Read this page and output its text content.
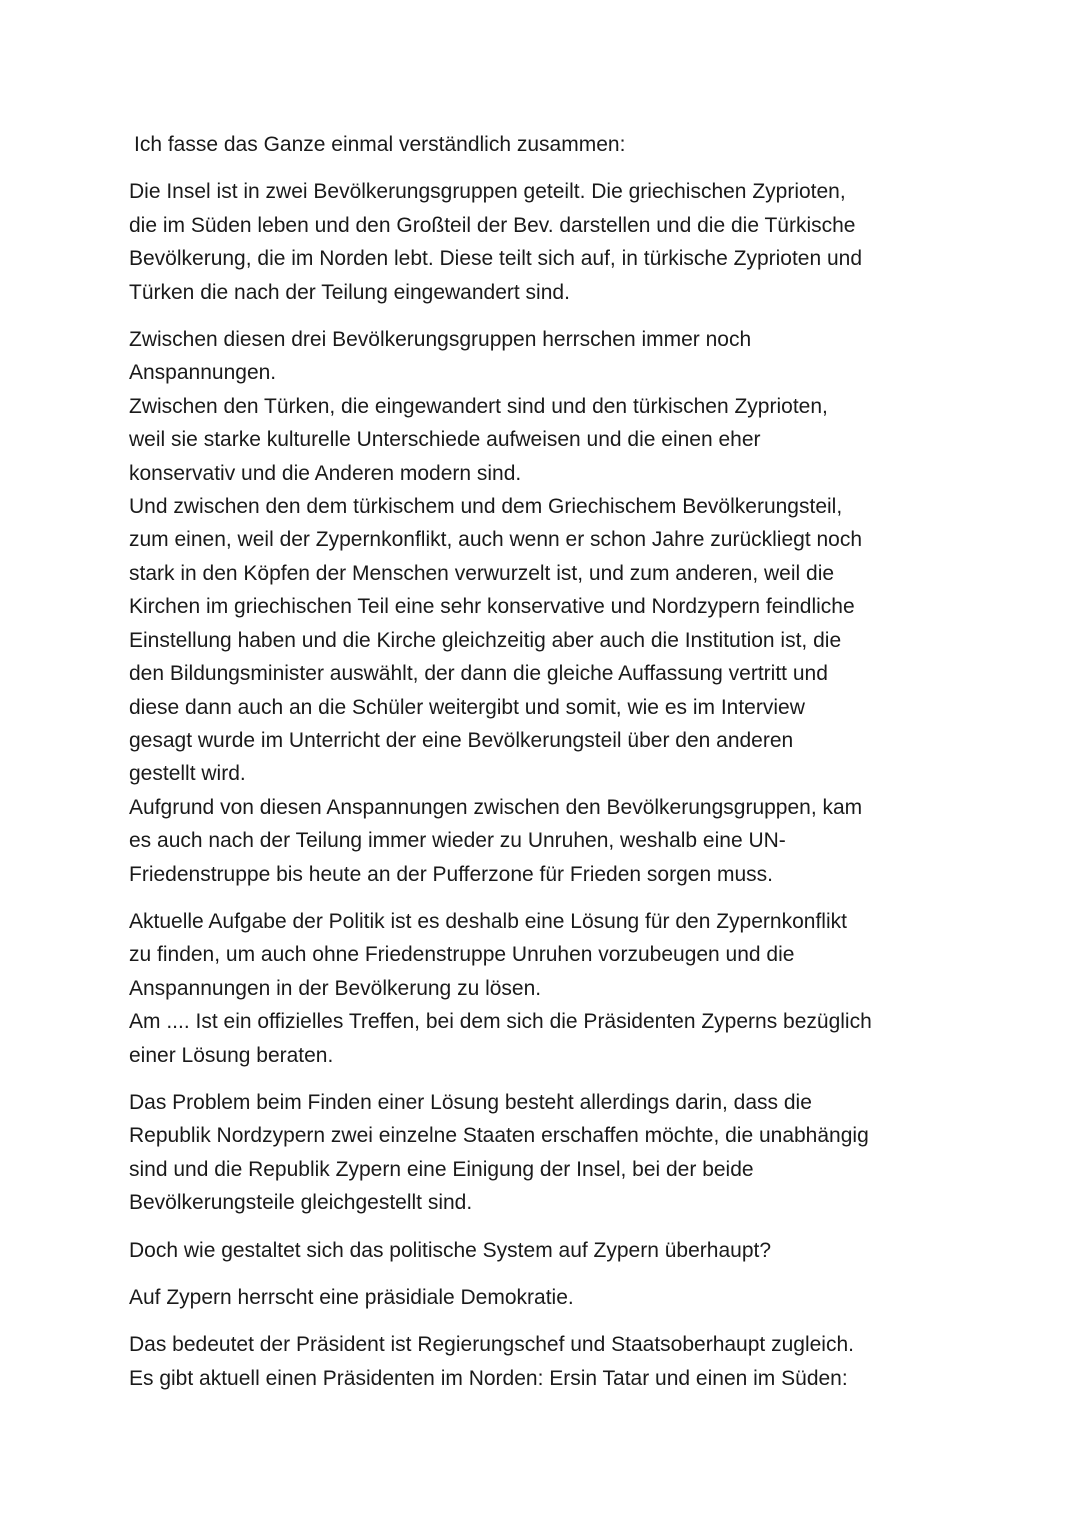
Ich fasse das Ganze einmal verständlich zusammen:

Die Insel ist in zwei Bevölkerungsgruppen geteilt. Die griechischen Zyprioten,
die im Süden leben und den Großteil der Bev. darstellen und die die Türkische
Bevölkerung, die im Norden lebt. Diese teilt sich auf, in türkische Zyprioten und
Türken die nach der Teilung eingewandert sind.

Zwischen diesen drei Bevölkerungsgruppen herrschen immer noch
Anspannungen.
Zwischen den Türken, die eingewandert sind und den türkischen Zyprioten,
weil sie starke kulturelle Unterschiede aufweisen und die einen eher
konservativ und die Anderen modern sind.
Und zwischen den dem türkischem und dem Griechischem Bevölkerungsteil,
zum einen, weil der Zypernkonflikt, auch wenn er schon Jahre zurückliegt noch
stark in den Köpfen der Menschen verwurzelt ist, und zum anderen, weil die
Kirchen im griechischen Teil eine sehr konservative und Nordzypern feindliche
Einstellung haben und die Kirche gleichzeitig aber auch die Institution ist, die
den Bildungsminister auswählt, der dann die gleiche Auffassung vertritt und
diese dann auch an die Schüler weitergibt und somit, wie es im Interview
gesagt wurde im Unterricht der eine Bevölkerungsteil über den anderen
gestellt wird.
Aufgrund von diesen Anspannungen zwischen den Bevölkerungsgruppen, kam
es auch nach der Teilung immer wieder zu Unruhen, weshalb eine UN-
Friedenstruppe bis heute an der Pufferzone für Frieden sorgen muss.

Aktuelle Aufgabe der Politik ist es deshalb eine Lösung für den Zypernkonflikt
zu finden, um auch ohne Friedenstruppe Unruhen vorzubeugen und die
Anspannungen in der Bevölkerung zu lösen.
Am .... Ist ein offizielles Treffen, bei dem sich die Präsidenten Zyperns bezüglich
einer Lösung beraten.

Das Problem beim Finden einer Lösung besteht allerdings darin, dass die
Republik Nordzypern zwei einzelne Staaten erschaffen möchte, die unabhängig
sind und die Republik Zypern eine Einigung der Insel, bei der beide
Bevölkerungsteile gleichgestellt sind.

Doch wie gestaltet sich das politische System auf Zypern überhaupt?

Auf Zypern herrscht eine präsidiale Demokratie.

Das bedeutet der Präsident ist Regierungschef und Staatsoberhaupt zugleich.
Es gibt aktuell einen Präsidenten im Norden: Ersin Tatar und einen im Süden:
